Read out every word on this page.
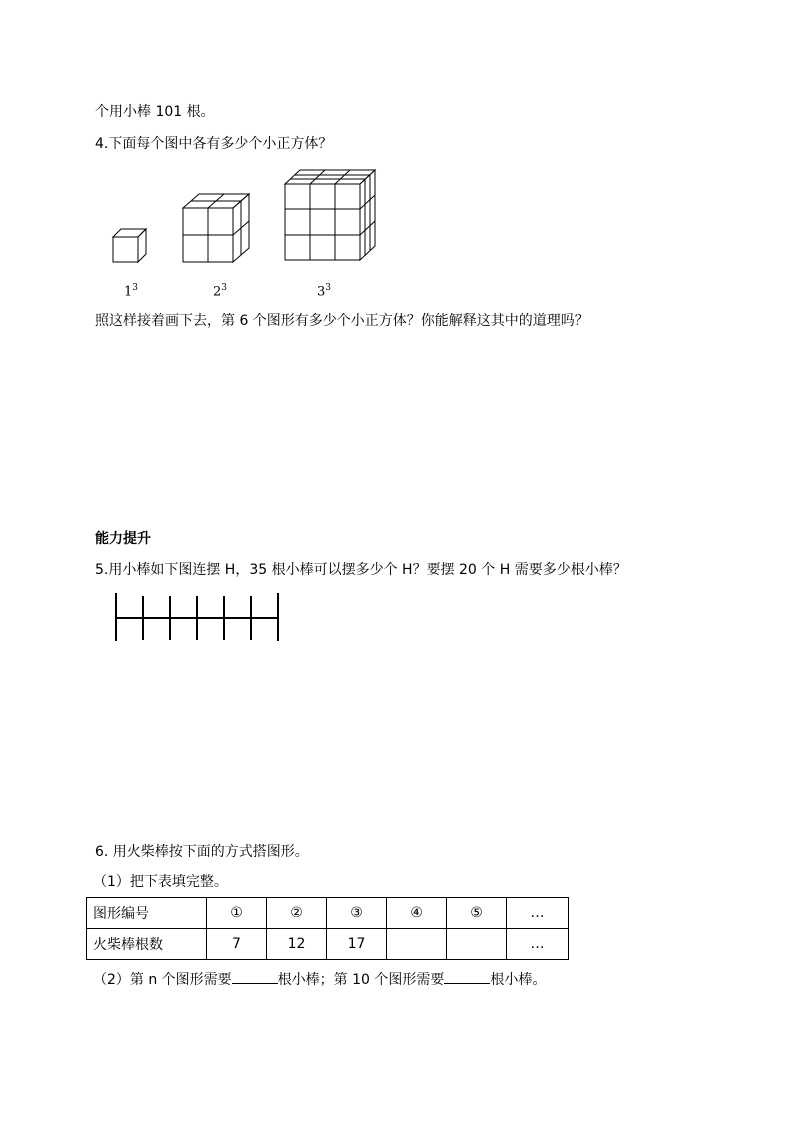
个用小棒 101 根。
4.下面每个图中各有多少个小正方体？
$1^3$	$2^3$	$3^3$
照这样接着画下去，第 6 个图形有多少个小正方体？你能解释这其中的道理吗？
能力提升
5.用小棒如下图连摆 H，35 根小棒可以摆多少个 H？要摆 20 个 H 需要多少根小棒？
6. 用火柴棒按下面的方式搭图形。
（1）把下表填完整。
图形编号	①	②	③	④	⑤	…
火柴棒根数	7	12	17			…
（2）第 n 个图形需要	根小棒；第 10 个图形需要	根小棒。
